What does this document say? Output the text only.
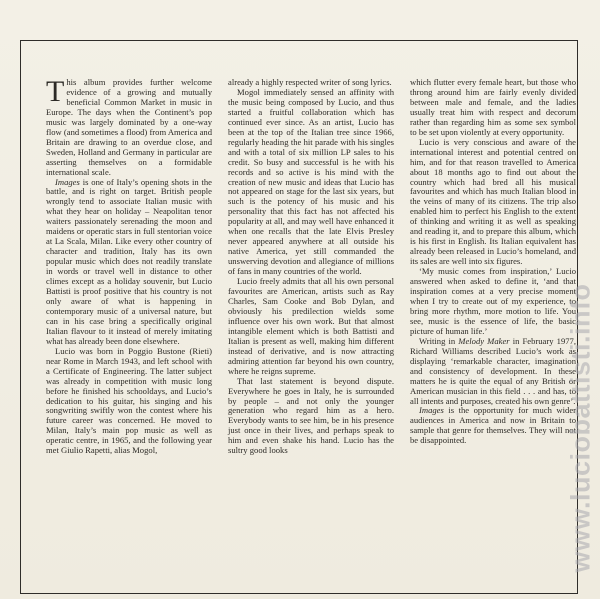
This album provides further welcome evidence of a growing and mutually beneficial Common Market in music in Europe. The days when the Continent’s pop music was largely dominated by a one-way flow (and sometimes a flood) from America and Britain are drawing to an overdue close, and Sweden, Holland and Germany in particular are asserting themselves on a formidable international scale.

Images is one of Italy’s opening shots in the battle, and is right on target. British people wrongly tend to associate Italian music with what they hear on holiday – Neapolitan tenor waiters passionately serenading the moon and maidens or operatic stars in full stentorian voice at La Scala, Milan. Like every other country of character and tradition, Italy has its own popular music which does not readily translate in words or travel well in distance to other climes except as a holiday souvenir, but Lucio Battisti is proof positive that his country is not only aware of what is happening in contemporary music of a universal nature, but can in his case bring a specifically original Italian flavour to it instead of merely imitating what has already been done elsewhere.

Lucio was born in Poggio Bustone (Rieti) near Rome in March 1943, and left school with a Certificate of Engineering. The latter subject was already in competition with music long before he finished his schooldays, and Lucio’s dedication to his guitar, his singing and his songwriting swiftly won the contest where his future career was concerned. He moved to Milan, Italy’s main pop music as well as operatic centre, in 1965, and the following year met Giulio Rapetti, alias Mogol,

already a highly respected writer of song lyrics.

Mogol immediately sensed an affinity with the music being composed by Lucio, and thus started a fruitful collaboration which has continued ever since. As an artist, Lucio has been at the top of the Italian tree since 1966, regularly heading the hit parade with his singles and with a total of six million LP sales to his credit. So busy and successful is he with his records and so active is his mind with the creation of new music and ideas that Lucio has not appeared on stage for the last six years, but such is the potency of his music and his personality that this fact has not affected his popularity at all, and may well have enhanced it when one recalls that the late Elvis Presley never appeared anywhere at all outside his native America, yet still commanded the unswerving devotion and allegiance of millions of fans in many countries of the world.

Lucio freely admits that all his own personal favourites are American, artists such as Ray Charles, Sam Cooke and Bob Dylan, and obviously his predilection wields some influence over his own work. But that almost intangible element which is both Battisti and Italian is present as well, making him different instead of derivative, and is now attracting admiring attention far beyond his own country, where he reigns supreme.

That last statement is beyond dispute. Everywhere he goes in Italy, he is surrounded by people – and not only the younger generation who regard him as a hero. Everybody wants to see him, be in his presence just once in their lives, and perhaps speak to him and even shake his hand. Lucio has the sultry good looks

which flutter every female heart, but those who throng around him are fairly evenly divided between male and female, and the ladies usually treat him with respect and decorum rather than regarding him as some sex symbol to be set upon violently at every opportunity.

Lucio is very conscious and aware of the international interest and potential centred on him, and for that reason travelled to America about 18 months ago to find out about the country which had bred all his musical favourites and which has much Italian blood in the veins of many of its citizens. The trip also enabled him to perfect his English to the extent of thinking and writing it as well as speaking and reading it, and to prepare this album, which is his first in English. Its Italian equivalent has already been released in Lucio’s homeland, and its sales are well into six figures.

‘My music comes from inspiration,’ Lucio answered when asked to define it, ‘and that inspiration comes at a very precise moment when I try to create out of my experience, to bring more rhythm, more motion to life. You see, music is the essence of life, the basic picture of human life.’

Writing in Melody Maker in February 1977, Richard Williams described Lucio’s work as displaying ‘remarkable character, imagination and consistency of development. In these matters he is quite the equal of any British or American musician in this field . . . and has, to all intents and purposes, created his own genre’.

Images is the opportunity for much wider audiences in America and now in Britain to sample that genre for themselves. They will not be disappointed.	www.luciobattisti.info
